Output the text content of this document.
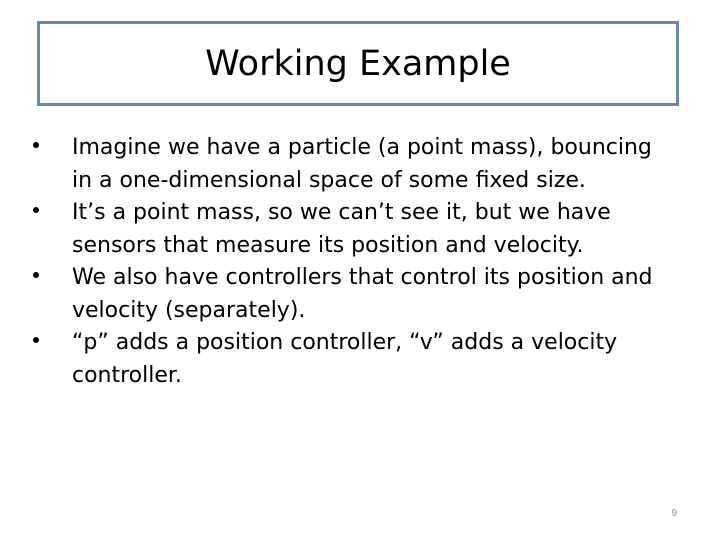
Working Example
Imagine we have a particle (a point mass), bouncing in a one-dimensional space of some fixed size.
It’s a point mass, so we can’t see it, but we have sensors that measure its position and velocity.
We also have controllers that control its position and velocity (separately).
“p” adds a position controller, “v” adds a velocity controller.
9
